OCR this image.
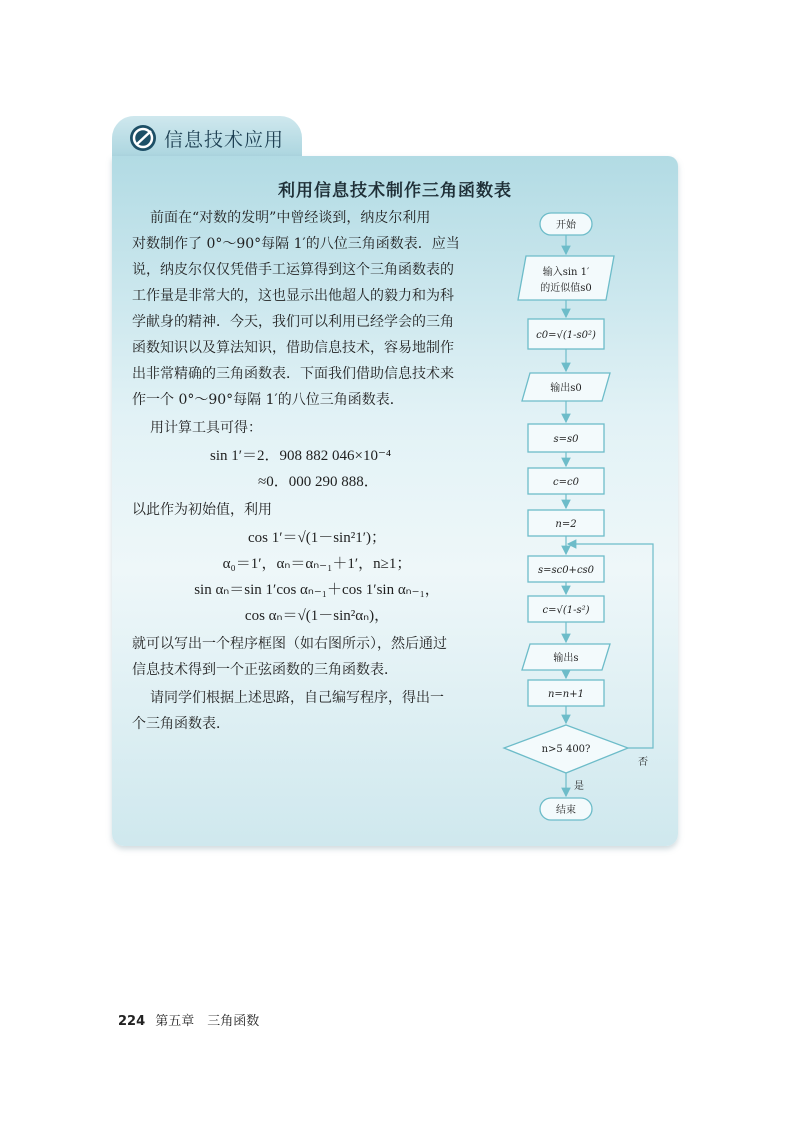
信息技术应用
利用信息技术制作三角函数表
前面在“对数的发明”中曾经谈到，纳皮尔利用
对数制作了 0°～90°每隔 1′的八位三角函数表．应当
说，纳皮尔仅仅凭借手工运算得到这个三角函数表的
工作量是非常大的，这也显示出他超人的毅力和为科
学献身的精神．今天，我们可以利用已经学会的三角
函数知识以及算法知识，借助信息技术，容易地制作
出非常精确的三角函数表．下面我们借助信息技术来
作一个 0°～90°每隔 1′的八位三角函数表．
用计算工具可得：
sin 1′＝2．908 882 046×10⁻⁴
≈0．000 290 888．
以此作为初始值，利用
cos 1′＝√(1－sin²1′)；
α₀＝1′，αₙ＝αₙ₋₁＋1′，n≥1；
sin αₙ＝sin 1′cos αₙ₋₁＋cos 1′sin αₙ₋₁，
cos αₙ＝√(1－sin²αₙ)，
就可以写出一个程序框图（如右图所示），然后通过
信息技术得到一个正弦函数的三角函数表．
请同学们根据上述思路，自己编写程序，得出一
个三角函数表．
开始
输入sin 1′
的近似值s0
c0=√(1-s0²)
输出s0
s=s0
c=c0
n=2
s=sc0+cs0
c=√(1-s²)
输出s
n=n+1
n>5 400?
是
否
结束
224 第五章　三角函数
